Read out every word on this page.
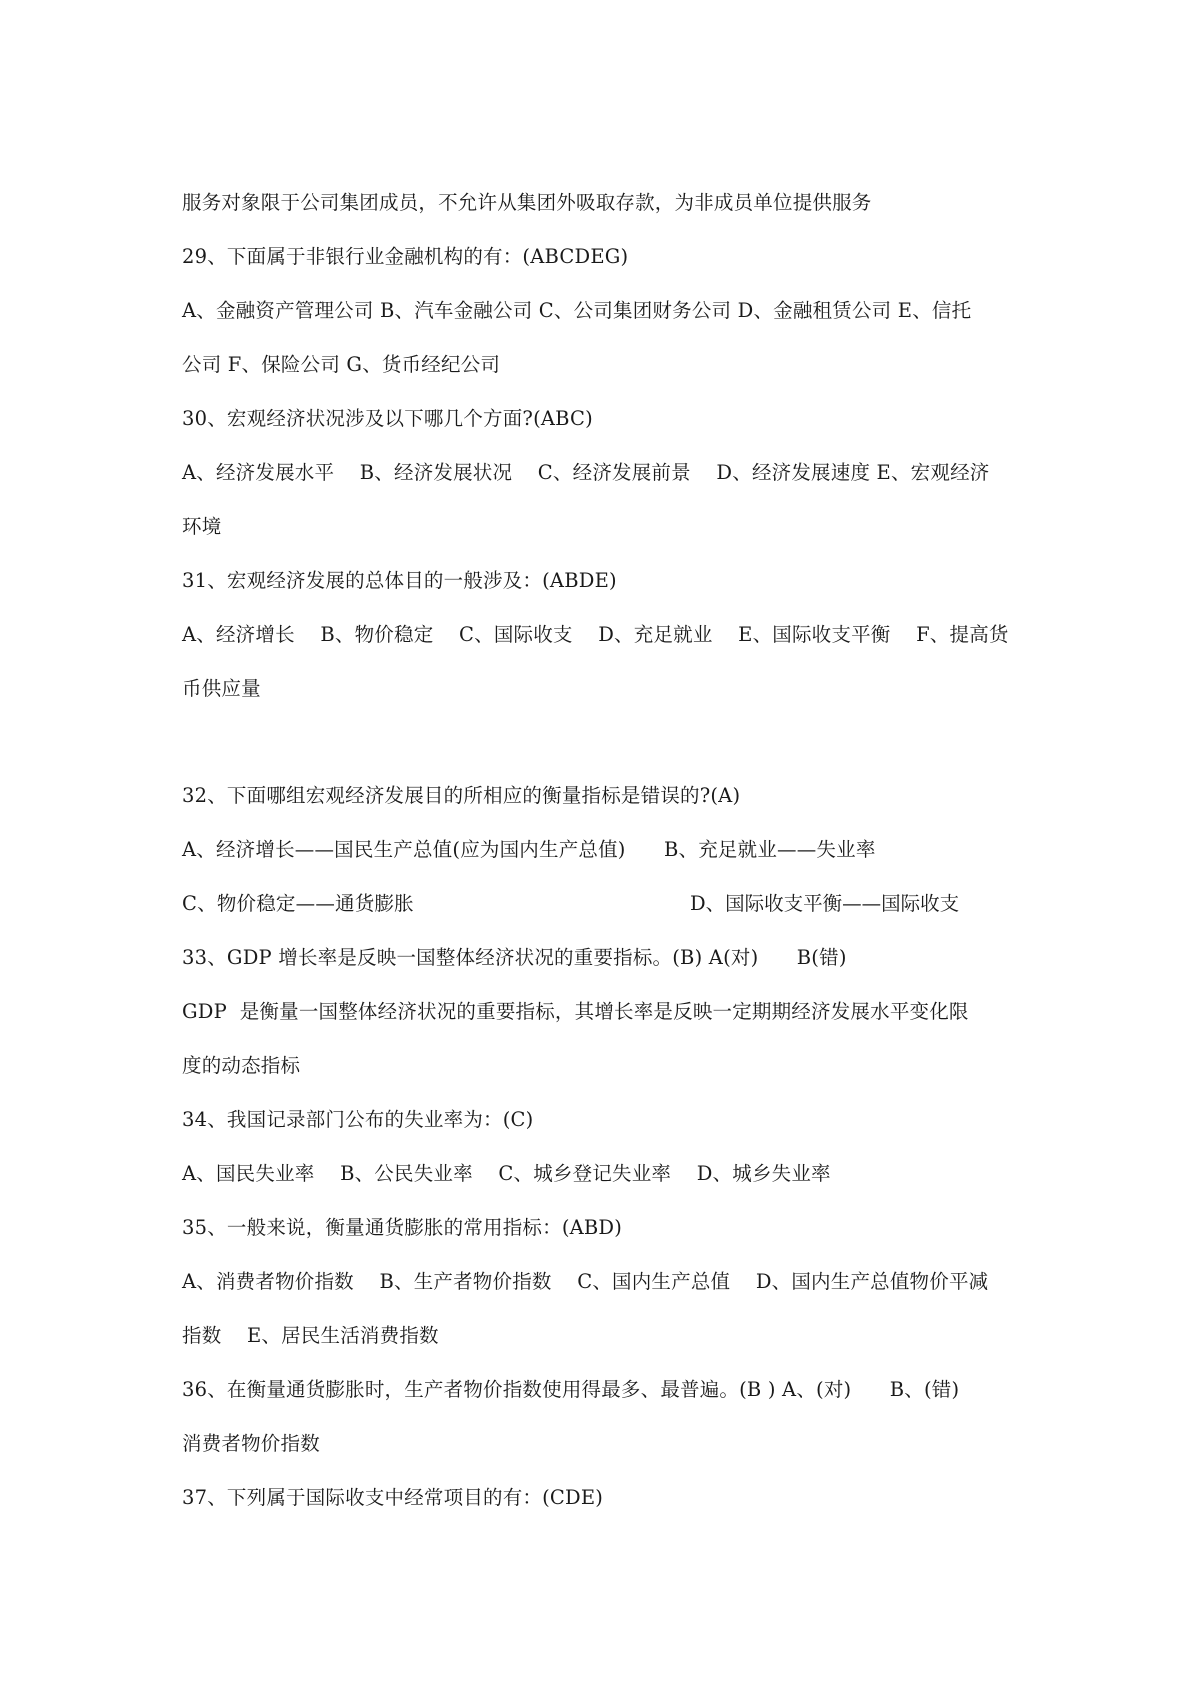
服务对象限于公司集团成员，不允许从集团外吸取存款，为非成员单位提供服务
29、下面属于非银行业金融机构的有：(ABCDEG)
A、金融资产管理公司 B、汽车金融公司 C、公司集团财务公司 D、金融租赁公司 E、信托
公司 F、保险公司 G、货币经纪公司
30、宏观经济状况涉及以下哪几个方面?(ABC)
A、经济发展水平    B、经济发展状况    C、经济发展前景    D、经济发展速度 E、宏观经济
环境
31、宏观经济发展的总体目的一般涉及：(ABDE)
A、经济增长    B、物价稳定    C、国际收支    D、充足就业    E、国际收支平衡    F、提高货
币供应量
32、下面哪组宏观经济发展目的所相应的衡量指标是错误的?(A)
A、经济增长——国民生产总值(应为国内生产总值)      B、充足就业——失业率
C、物价稳定——通货膨胀	D、国际收支平衡——国际收支
33、GDP 增长率是反映一国整体经济状况的重要指标。(B) A(对)      B(错)
GDP  是衡量一国整体经济状况的重要指标，其增长率是反映一定期期经济发展水平变化限
度的动态指标
34、我国记录部门公布的失业率为：(C)
A、国民失业率    B、公民失业率    C、城乡登记失业率    D、城乡失业率
35、一般来说，衡量通货膨胀的常用指标：(ABD)
A、消费者物价指数    B、生产者物价指数    C、国内生产总值    D、国内生产总值物价平减
指数    E、居民生活消费指数
36、在衡量通货膨胀时，生产者物价指数使用得最多、最普遍。(B ) A、(对)      B、(错)
消费者物价指数
37、下列属于国际收支中经常项目的有：(CDE)
